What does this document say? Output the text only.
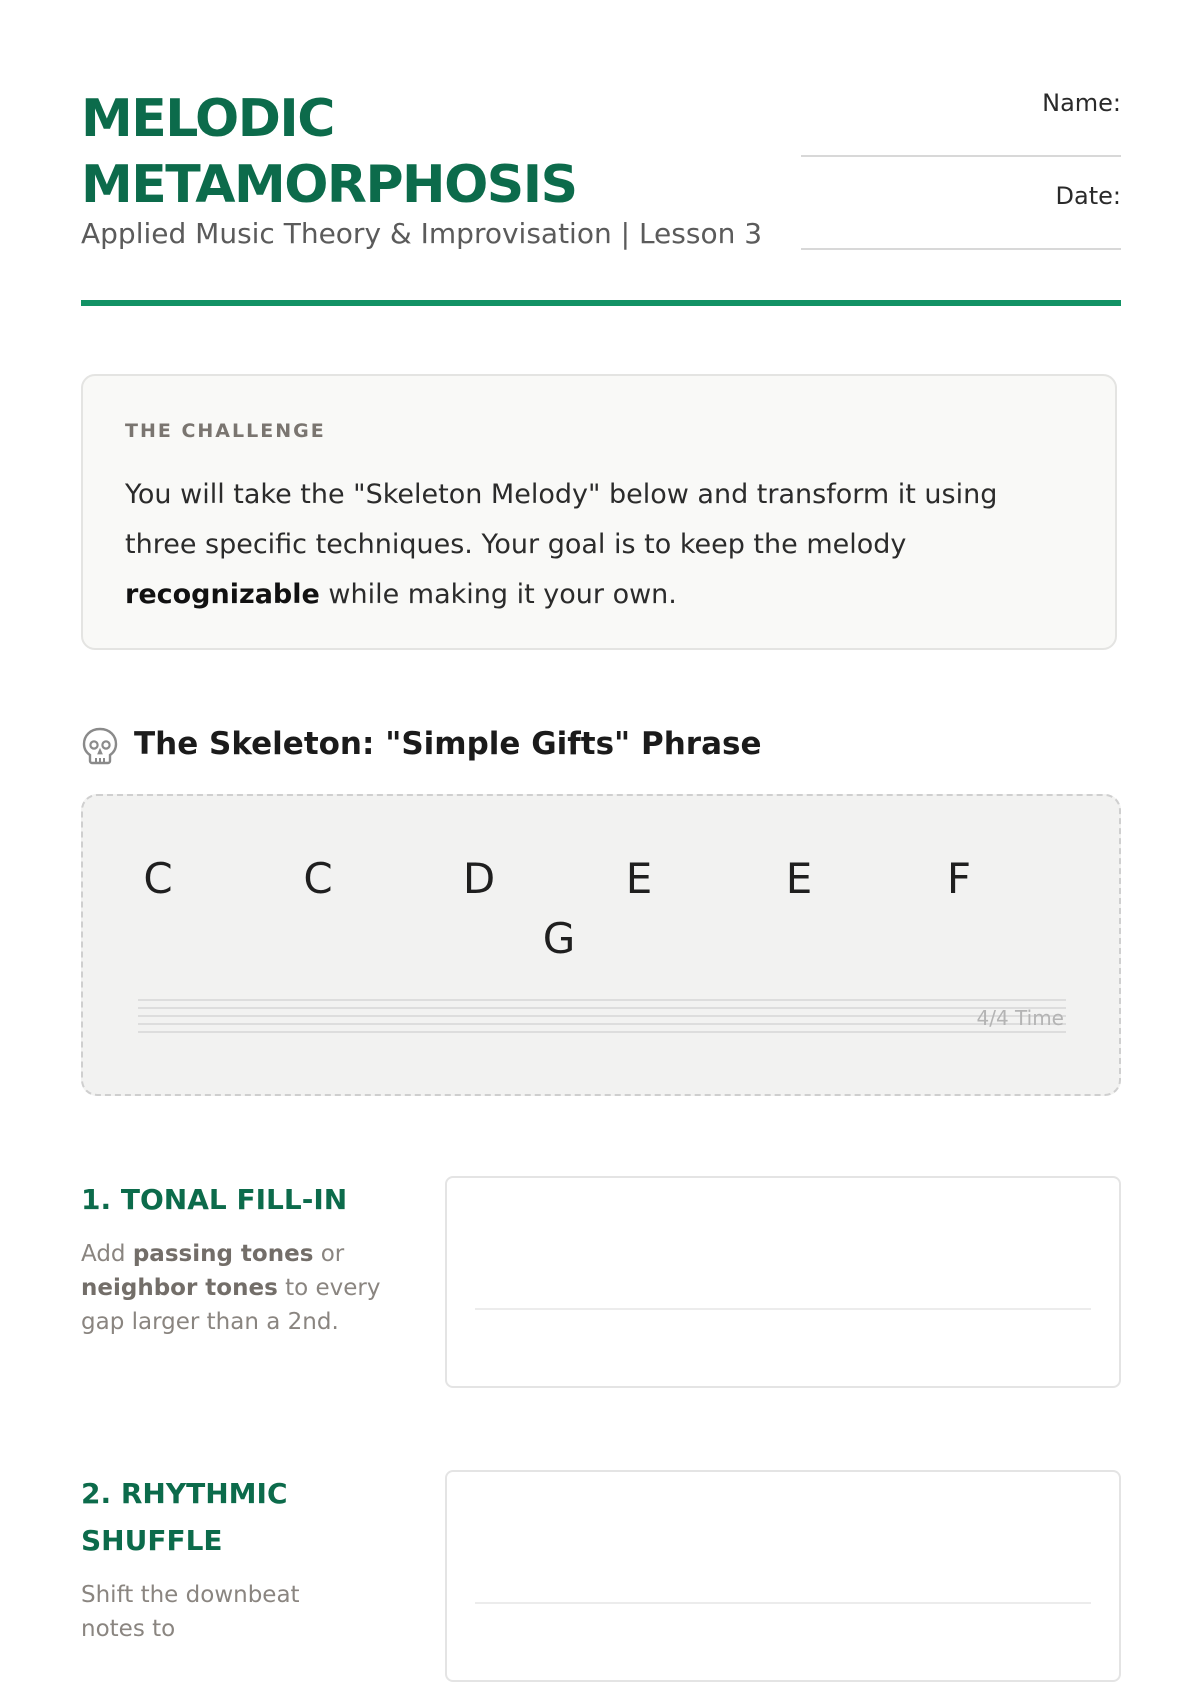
MELODIC
METAMORPHOSIS
Applied Music Theory & Improvisation | Lesson 3
Name:
Date:
THE CHALLENGE
You will take the "Skeleton Melody" below and transform it using three specific techniques. Your goal is to keep the melody recognizable while making it your own.
The Skeleton: "Simple Gifts" Phrase
C	C	D	E	E	F
G
4/4 Time
1. TONAL FILL-IN
Add passing tones or
neighbor tones to every gap larger than a 2nd.
2. RHYTHMIC SHUFFLE
Shift the downbeat notes to
